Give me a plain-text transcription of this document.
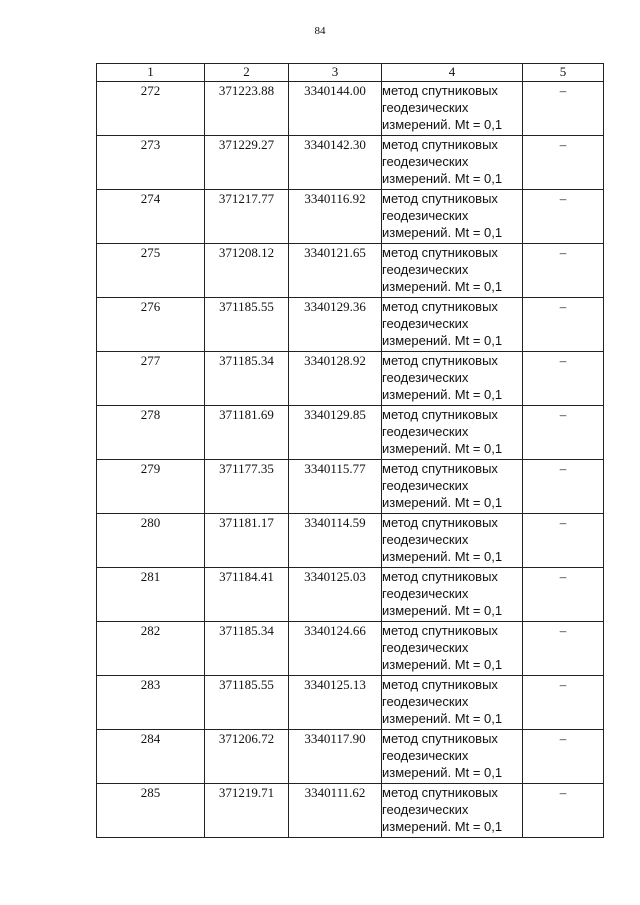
84
1	2	3	4	5
272	371223.88	3340144.00	метод спутниковых
геодезических
измерений. Mt = 0,1	–
273	371229.27	3340142.30	метод спутниковых
геодезических
измерений. Mt = 0,1	–
274	371217.77	3340116.92	метод спутниковых
геодезических
измерений. Mt = 0,1	–
275	371208.12	3340121.65	метод спутниковых
геодезических
измерений. Mt = 0,1	–
276	371185.55	3340129.36	метод спутниковых
геодезических
измерений. Mt = 0,1	–
277	371185.34	3340128.92	метод спутниковых
геодезических
измерений. Mt = 0,1	–
278	371181.69	3340129.85	метод спутниковых
геодезических
измерений. Mt = 0,1	–
279	371177.35	3340115.77	метод спутниковых
геодезических
измерений. Mt = 0,1	–
280	371181.17	3340114.59	метод спутниковых
геодезических
измерений. Mt = 0,1	–
281	371184.41	3340125.03	метод спутниковых
геодезических
измерений. Mt = 0,1	–
282	371185.34	3340124.66	метод спутниковых
геодезических
измерений. Mt = 0,1	–
283	371185.55	3340125.13	метод спутниковых
геодезических
измерений. Mt = 0,1	–
284	371206.72	3340117.90	метод спутниковых
геодезических
измерений. Mt = 0,1	–
285	371219.71	3340111.62	метод спутниковых
геодезических
измерений. Mt = 0,1	–
